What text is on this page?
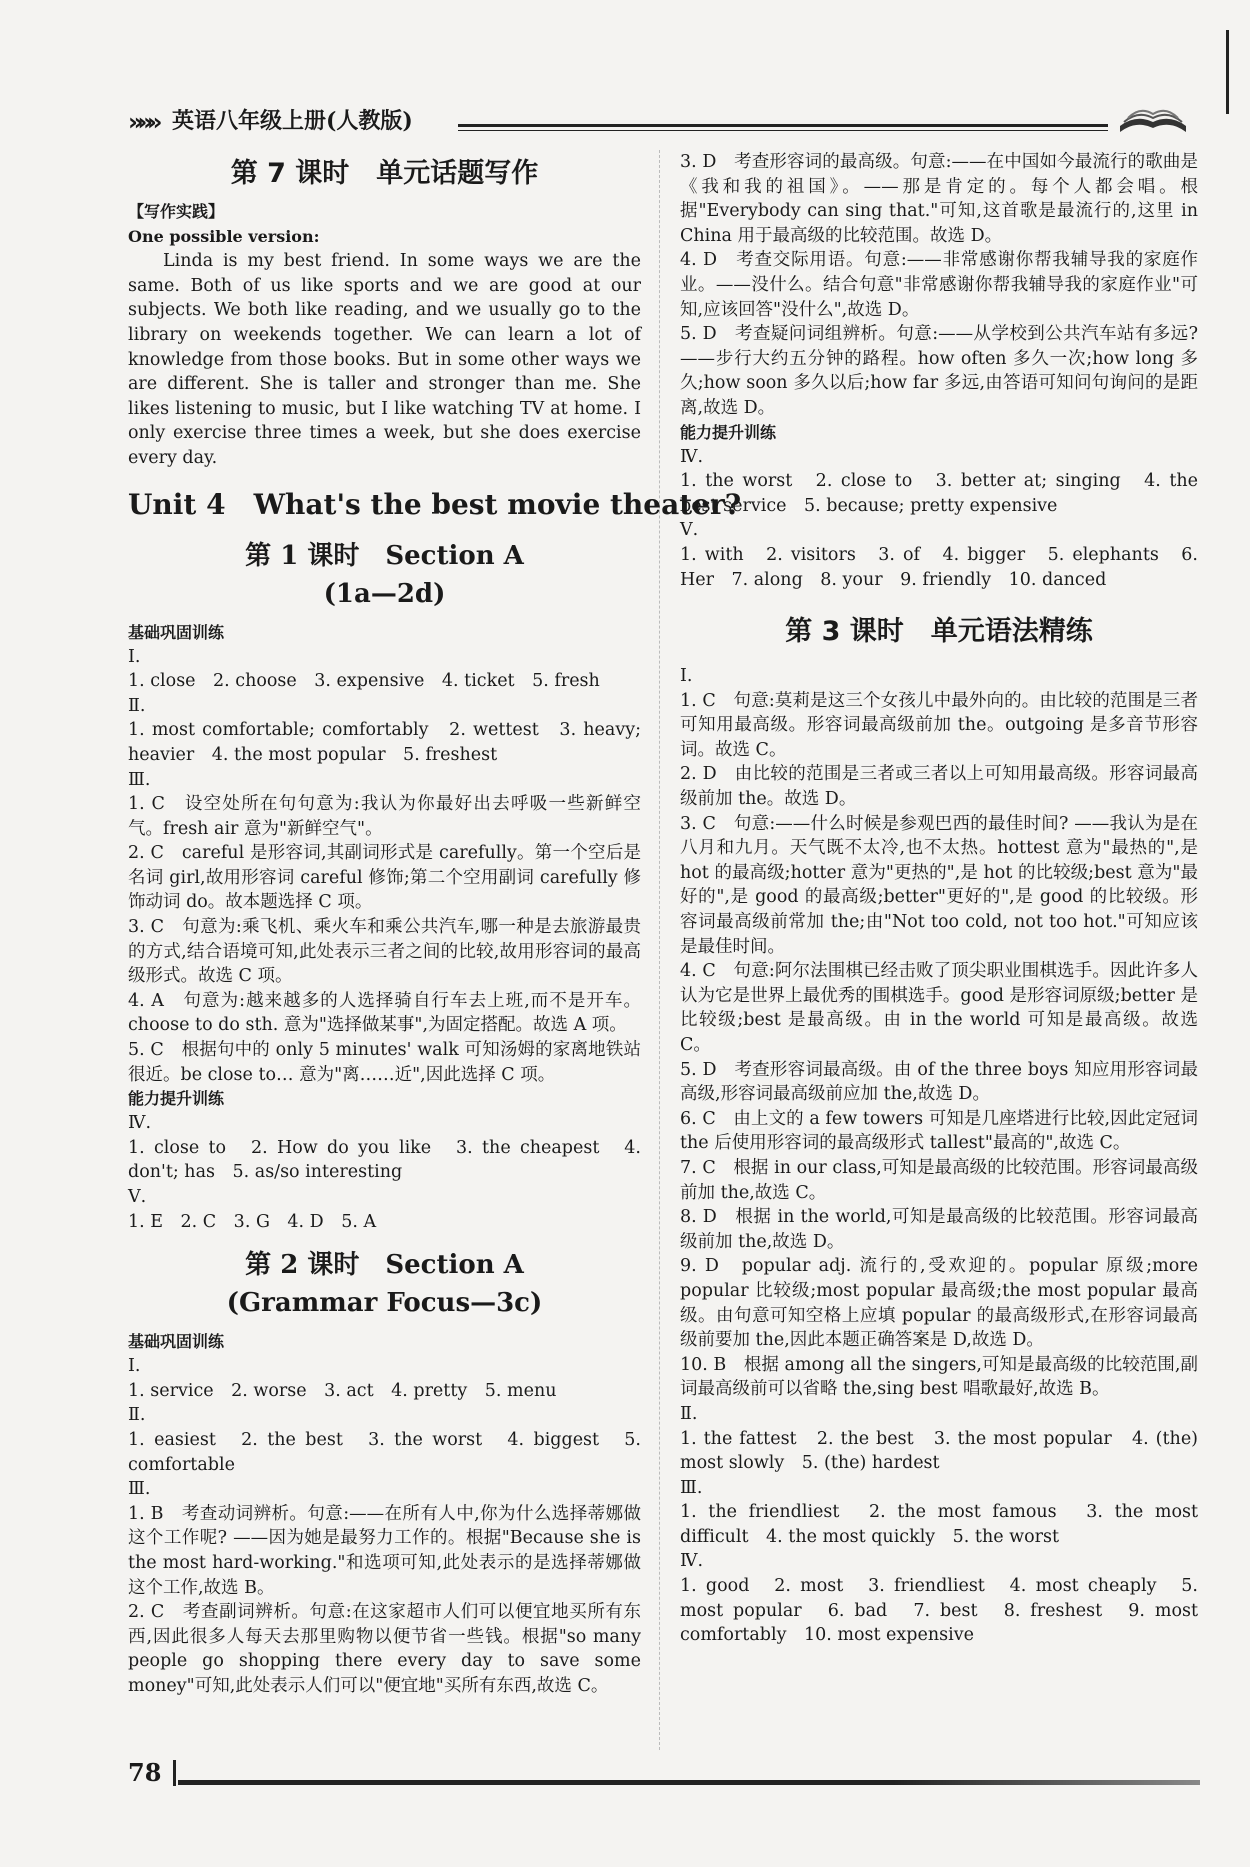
»»» 英语八年级上册(人教版)
第 7 课时　单元话题写作

【写作实践】

One possible version:

Linda is my best friend. In some ways we are the same. Both of us like sports and we are good at our subjects. We both like reading, and we usually go to the library on weekends together. We can learn a lot of knowledge from those books. But in some other ways we are different. She is taller and stronger than me. She likes listening to music, but I like watching TV at home. I only exercise three times a week, but she does exercise every day.

Unit 4　What's the best movie theater?
第 1 课时　Section A
(1a—2d)
基础巩固训练

Ⅰ.

1. close　2. choose　3. expensive　4. ticket　5. fresh

Ⅱ.

1. most comfortable; comfortably　2. wettest　3. heavy; heavier　4. the most popular　5. freshest

Ⅲ.

1. C　设空处所在句句意为:我认为你最好出去呼吸一些新鲜空气。fresh air 意为"新鲜空气"。

2. C　careful 是形容词,其副词形式是 carefully。第一个空后是名词 girl,故用形容词 careful 修饰;第二个空用副词 carefully 修饰动词 do。故本题选择 C 项。

3. C　句意为:乘飞机、乘火车和乘公共汽车,哪一种是去旅游最贵的方式,结合语境可知,此处表示三者之间的比较,故用形容词的最高级形式。故选 C 项。

4. A　句意为:越来越多的人选择骑自行车去上班,而不是开车。choose to do sth. 意为"选择做某事",为固定搭配。故选 A 项。

5. C　根据句中的 only 5 minutes' walk 可知汤姆的家离地铁站很近。be close to… 意为"离……近",因此选择 C 项。

能力提升训练

Ⅳ.

1. close to　2. How do you like　3. the cheapest　4. don't; has　5. as/so interesting

Ⅴ.

1. E　2. C　3. G　4. D　5. A

第 2 课时　Section A
(Grammar Focus—3c)
基础巩固训练

Ⅰ.

1. service　2. worse　3. act　4. pretty　5. menu

Ⅱ.

1. easiest　2. the best　3. the worst　4. biggest　5. comfortable

Ⅲ.

1. B　考查动词辨析。句意:——在所有人中,你为什么选择蒂娜做这个工作呢? ——因为她是最努力工作的。根据"Because she is the most hard-working."和选项可知,此处表示的是选择蒂娜做这个工作,故选 B。

2. C　考查副词辨析。句意:在这家超市人们可以便宜地买所有东西,因此很多人每天去那里购物以便节省一些钱。根据"so many people go shopping there every day to save some money"可知,此处表示人们可以"便宜地"买所有东西,故选 C。

3. D　考查形容词的最高级。句意:——在中国如今最流行的歌曲是《我和我的祖国》。——那是肯定的。每个人都会唱。根据"Everybody can sing that."可知,这首歌是最流行的,这里 in China 用于最高级的比较范围。故选 D。

4. D　考查交际用语。句意:——非常感谢你帮我辅导我的家庭作业。——没什么。结合句意"非常感谢你帮我辅导我的家庭作业"可知,应该回答"没什么",故选 D。

5. D　考查疑问词组辨析。句意:——从学校到公共汽车站有多远? ——步行大约五分钟的路程。how often 多久一次;how long 多久;how soon 多久以后;how far 多远,由答语可知问句询问的是距离,故选 D。

能力提升训练

Ⅳ.

1. the worst　2. close to　3. better at; singing　4. the best service　5. because; pretty expensive

Ⅴ.

1. with　2. visitors　3. of　4. bigger　5. elephants　6. Her　7. along　8. your　9. friendly　10. danced

第 3 课时　单元语法精练

Ⅰ.

1. C　句意:莫莉是这三个女孩儿中最外向的。由比较的范围是三者可知用最高级。形容词最高级前加 the。outgoing 是多音节形容词。故选 C。

2. D　由比较的范围是三者或三者以上可知用最高级。形容词最高级前加 the。故选 D。

3. C　句意:——什么时候是参观巴西的最佳时间? ——我认为是在八月和九月。天气既不太冷,也不太热。hottest 意为"最热的",是 hot 的最高级;hotter 意为"更热的",是 hot 的比较级;best 意为"最好的",是 good 的最高级;better"更好的",是 good 的比较级。形容词最高级前常加 the;由"Not too cold, not too hot."可知应该是最佳时间。

4. C　句意:阿尔法围棋已经击败了顶尖职业围棋选手。因此许多人认为它是世界上最优秀的围棋选手。good 是形容词原级;better 是比较级;best 是最高级。由 in the world 可知是最高级。故选 C。

5. D　考查形容词最高级。由 of the three boys 知应用形容词最高级,形容词最高级前应加 the,故选 D。

6. C　由上文的 a few towers 可知是几座塔进行比较,因此定冠词 the 后使用形容词的最高级形式 tallest"最高的",故选 C。

7. C　根据 in our class,可知是最高级的比较范围。形容词最高级前加 the,故选 C。

8. D　根据 in the world,可知是最高级的比较范围。形容词最高级前加 the,故选 D。

9. D　popular adj. 流行的,受欢迎的。popular 原级;more popular 比较级;most popular 最高级;the most popular 最高级。由句意可知空格上应填 popular 的最高级形式,在形容词最高级前要加 the,因此本题正确答案是 D,故选 D。

10. B　根据 among all the singers,可知是最高级的比较范围,副词最高级前可以省略 the,sing best 唱歌最好,故选 B。

Ⅱ.

1. the fattest　2. the best　3. the most popular　4. (the) most slowly　5. (the) hardest

Ⅲ.

1. the friendliest　2. the most famous　3. the most difficult　4. the most quickly　5. the worst

Ⅳ.

1. good　2. most　3. friendliest　4. most cheaply　5. most popular　6. bad　7. best　8. freshest　9. most comfortably　10. most expensive

78
